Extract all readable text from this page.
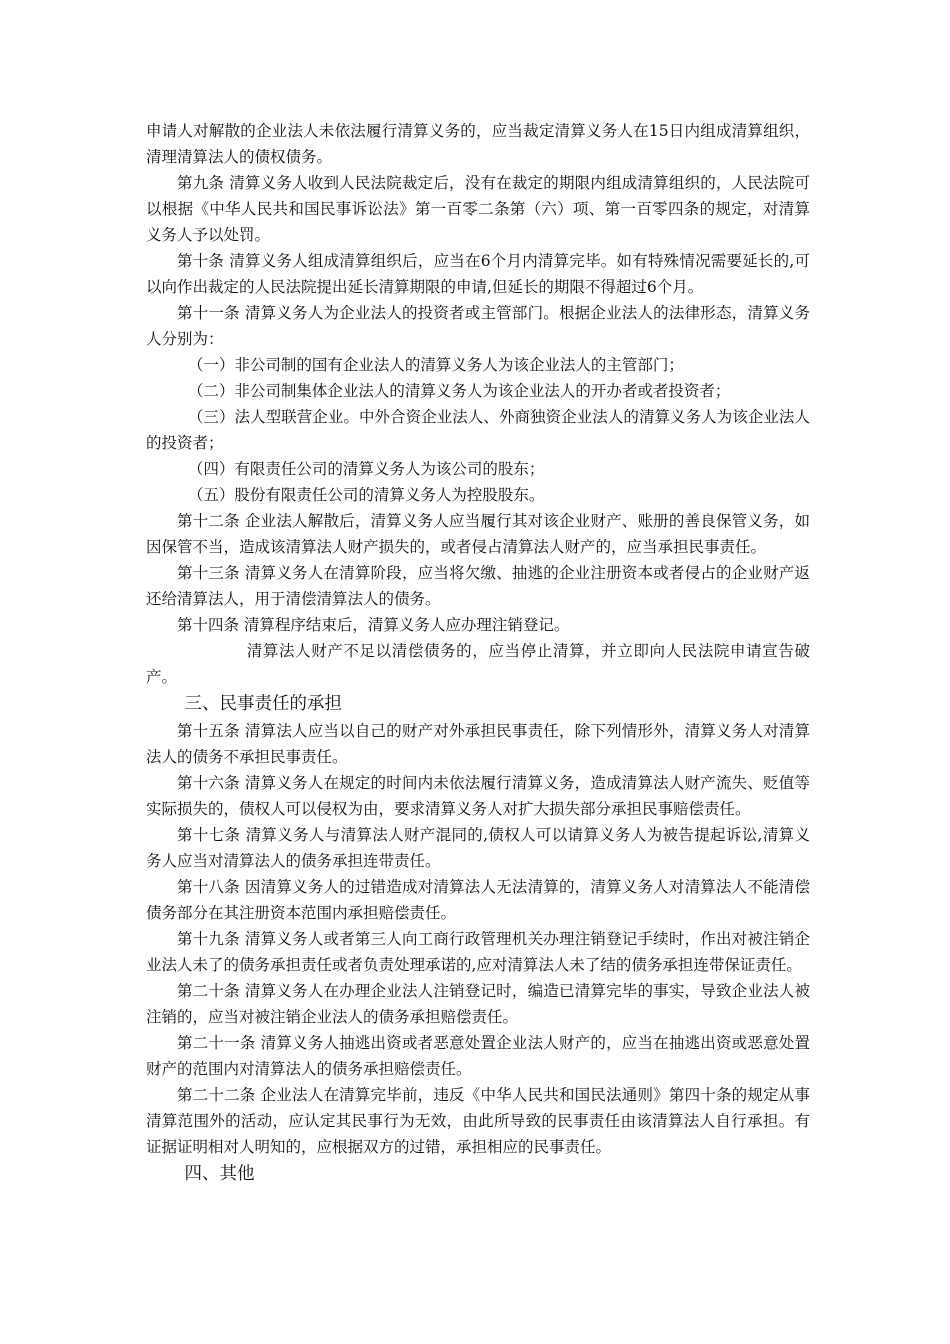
申请人对解散的企业法人未依法履行清算义务的，应当裁定清算义务人在15日内组成清算组织，清理清算法人的债权债务。

第九条 清算义务人收到人民法院裁定后，没有在裁定的期限内组成清算组织的，人民法院可以根据《中华人民共和国民事诉讼法》第一百零二条第（六）项、第一百零四条的规定，对清算义务人予以处罚。

第十条 清算义务人组成清算组织后，应当在6个月内清算完毕。如有特殊情况需要延长的,可以向作出裁定的人民法院提出延长清算期限的申请,但延长的期限不得超过6个月。

第十一条 清算义务人为企业法人的投资者或主管部门。根据企业法人的法律形态，清算义务人分别为：

（一）非公司制的国有企业法人的清算义务人为该企业法人的主管部门；

（二）非公司制集体企业法人的清算义务人为该企业法人的开办者或者投资者；

（三）法人型联营企业。中外合资企业法人、外商独资企业法人的清算义务人为该企业法人的投资者；

（四）有限责任公司的清算义务人为该公司的股东；

（五）股份有限责任公司的清算义务人为控股股东。

第十二条 企业法人解散后，清算义务人应当履行其对该企业财产、账册的善良保管义务，如因保管不当，造成该清算法人财产损失的，或者侵占清算法人财产的，应当承担民事责任。

第十三条 清算义务人在清算阶段，应当将欠缴、抽逃的企业注册资本或者侵占的企业财产返还给清算法人，用于清偿清算法人的债务。

第十四条 清算程序结束后，清算义务人应办理注销登记。

清算法人财产不足以清偿债务的，应当停止清算，并立即向人民法院申请宣告破产。

三、民事责任的承担

第十五条 清算法人应当以自己的财产对外承担民事责任，除下列情形外，清算义务人对清算法人的债务不承担民事责任。

第十六条 清算义务人在规定的时间内未依法履行清算义务，造成清算法人财产流失、贬值等实际损失的，债权人可以侵权为由，要求清算义务人对扩大损失部分承担民事赔偿责任。

第十七条 清算义务人与清算法人财产混同的,债权人可以请算义务人为被告提起诉讼,清算义务人应当对清算法人的债务承担连带责任。

第十八条 因清算义务人的过错造成对清算法人无法清算的，清算义务人对清算法人不能清偿债务部分在其注册资本范围内承担赔偿责任。

第十九条 清算义务人或者第三人向工商行政管理机关办理注销登记手续时，作出对被注销企业法人未了的债务承担责任或者负责处理承诺的,应对清算法人未了结的债务承担连带保证责任。

第二十条 清算义务人在办理企业法人注销登记时，编造已清算完毕的事实，导致企业法人被注销的，应当对被注销企业法人的债务承担赔偿责任。

第二十一条 清算义务人抽逃出资或者恶意处置企业法人财产的，应当在抽逃出资或恶意处置财产的范围内对清算法人的债务承担赔偿责任。

第二十二条 企业法人在清算完毕前，违反《中华人民共和国民法通则》第四十条的规定从事清算范围外的活动，应认定其民事行为无效，由此所导致的民事责任由该清算法人自行承担。有证据证明相对人明知的，应根据双方的过错，承担相应的民事责任。

四、其他
